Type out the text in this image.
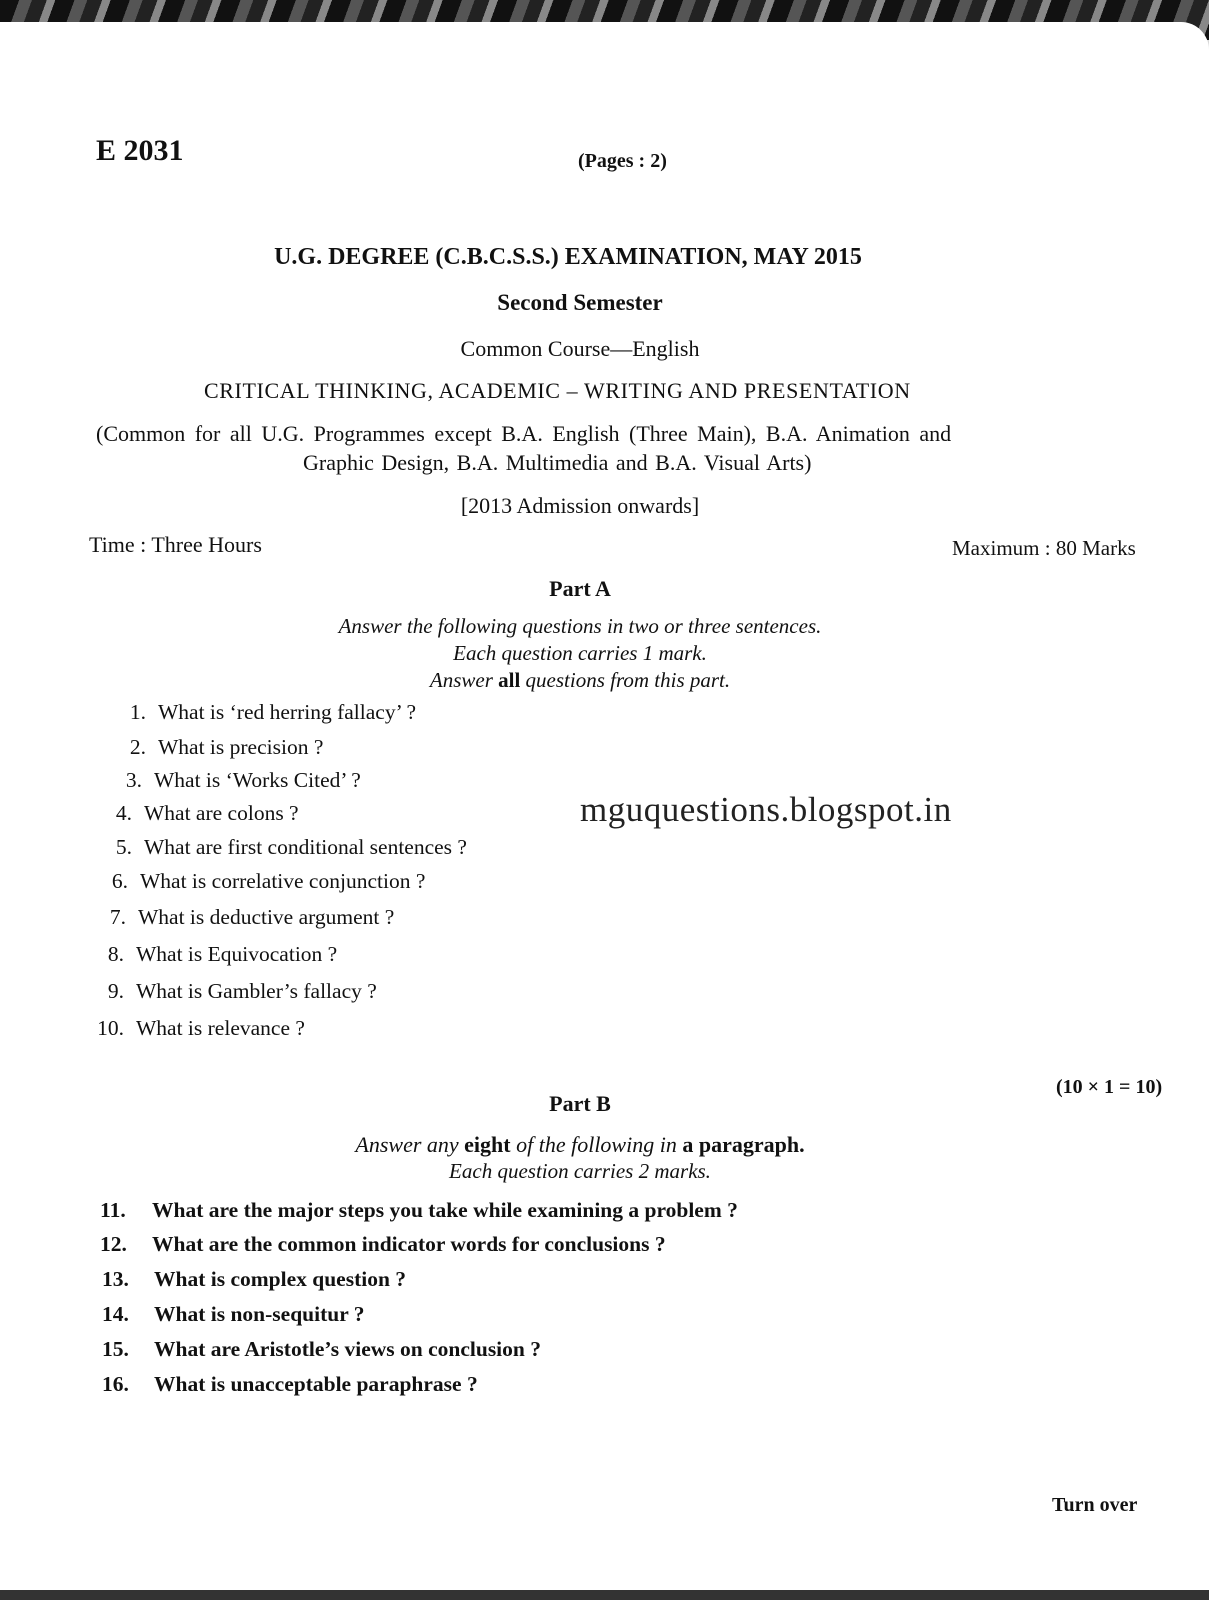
E 2031	(Pages : 2)
U.G. DEGREE (C.B.C.S.S.) EXAMINATION, MAY 2015
Second Semester
Common Course—English
CRITICAL THINKING, ACADEMIC – WRITING AND PRESENTATION
(Common for all U.G. Programmes except B.A. English (Three Main), B.A. Animation and
Graphic Design, B.A. Multimedia and B.A. Visual Arts)
[2013 Admission onwards]
Time : Three Hours	Maximum : 80 Marks
Part A
Answer the following questions in two or three sentences.
Each question carries 1 mark.
Answer all questions from this part.
1. What is ‘red herring fallacy’ ?
2. What is precision ?
3. What is ‘Works Cited’ ?
4. What are colons ?
5. What are first conditional sentences ?
6. What is correlative conjunction ?
7. What is deductive argument ?
8. What is Equivocation ?
9. What is Gambler’s fallacy ?
10. What is relevance ?
mguquestions.blogspot.in
(10 × 1 = 10)
Part B
Answer any eight of the following in a paragraph.
Each question carries 2 marks.
11. What are the major steps you take while examining a problem ?
12. What are the common indicator words for conclusions ?
13. What is complex question ?
14. What is non-sequitur ?
15. What are Aristotle’s views on conclusion ?
16. What is unacceptable paraphrase ?
Turn over
